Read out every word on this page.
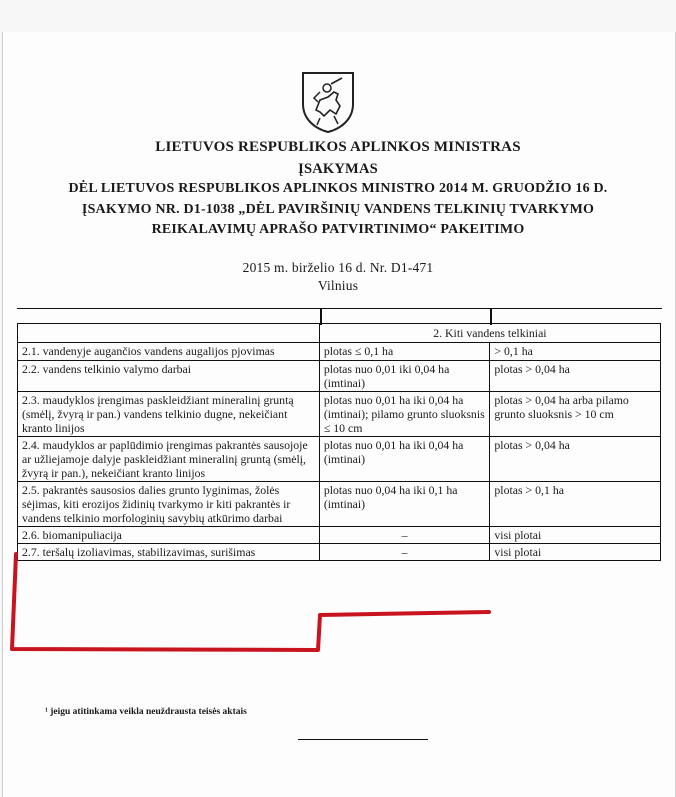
LIETUVOS RESPUBLIKOS APLINKOS MINISTRAS
ĮSAKYMAS
DĖL LIETUVOS RESPUBLIKOS APLINKOS MINISTRO 2014 M. GRUODŽIO 16 D.
ĮSAKYMO NR. D1-1038 „DĖL PAVIRŠINIŲ VANDENS TELKINIŲ TVARKYMO
REIKALAVIMŲ APRAŠO PATVIRTINIMO“ PAKEITIMO
2015 m. birželio 16 d. Nr. D1-471
Vilnius
	2. Kiti vandens telkiniai	
2.1. vandenyje augančios vandens augalijos pjovimas	plotas ≤ 0,1 ha	> 0,1 ha
2.2. vandens telkinio valymo darbai	plotas nuo 0,01 iki 0,04 ha (imtinai)	plotas > 0,04 ha
2.3. maudyklos įrengimas paskleidžiant mineralinį gruntą (smėlį, žvyrą ir pan.) vandens telkinio dugne, nekeičiant kranto linijos	plotas nuo 0,01 ha iki 0,04 ha (imtinai); pilamo grunto sluoksnis ≤ 10 cm	plotas > 0,04 ha arba pilamo grunto sluoksnis > 10 cm
2.4. maudyklos ar paplūdimio įrengimas pakrantės sausojoje ar užliejamoje dalyje paskleidžiant mineralinį gruntą (smėlį, žvyrą ir pan.), nekeičiant kranto linijos	plotas nuo 0,01 ha iki 0,04 ha (imtinai)	plotas > 0,04 ha
2.5. pakrantės sausosios dalies grunto lyginimas, žolės sėjimas, kiti erozijos židinių tvarkymo ir kiti pakrantės ir vandens telkinio morfologinių savybių atkūrimo darbai	plotas nuo 0,04 ha iki 0,1 ha (imtinai)	plotas > 0,1 ha
2.6. biomanipuliacija	–	visi plotai
2.7. teršalų izoliavimas, stabilizavimas, surišimas	–	visi plotai
¹ jeigu atitinkama veikla neuždrausta teisės aktais
